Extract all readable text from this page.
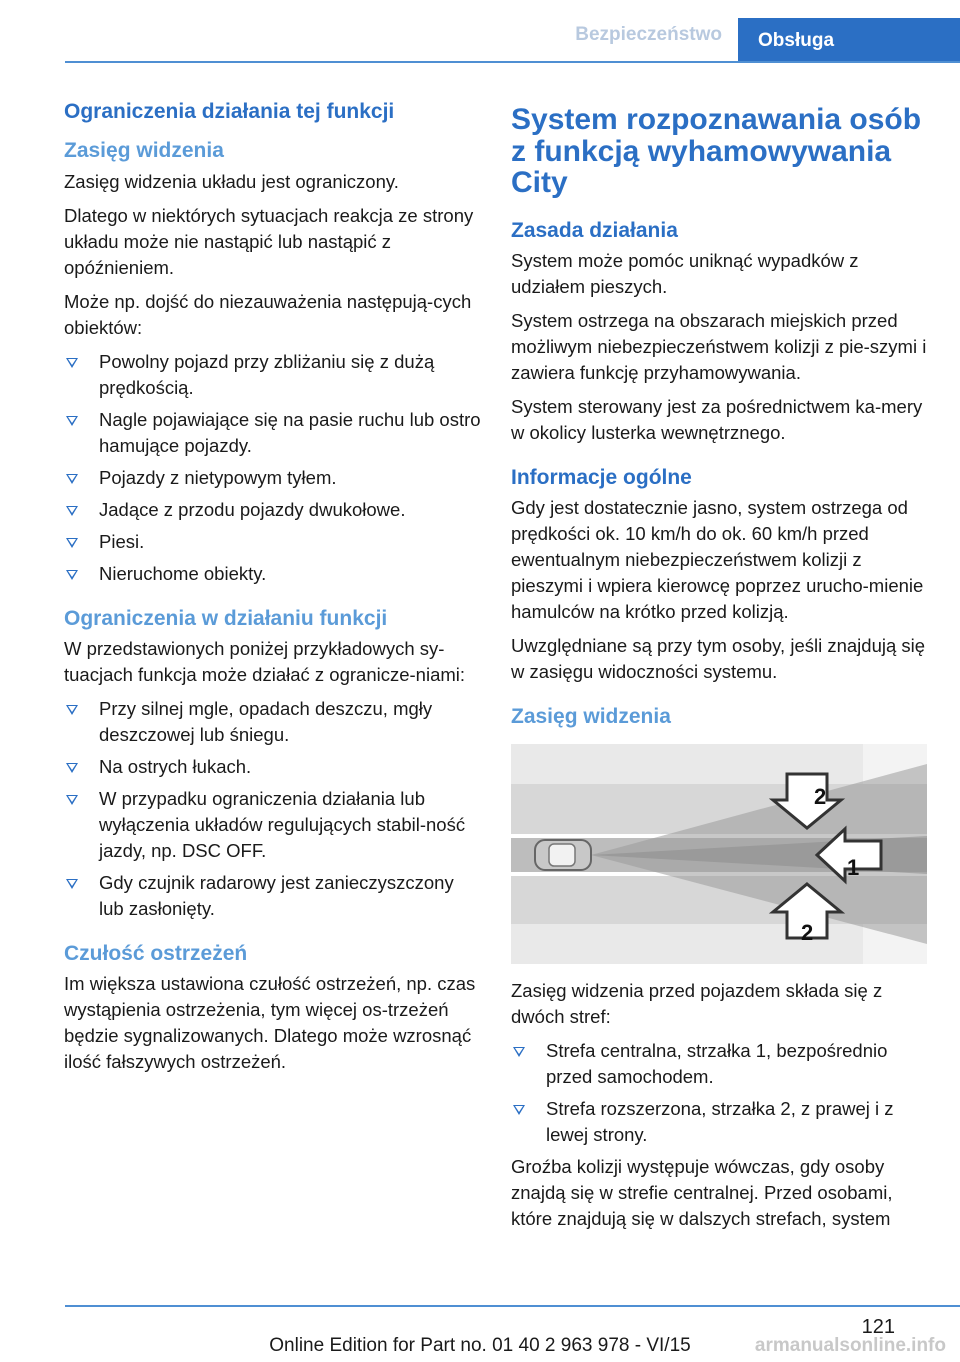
Bezpieczeństwo	Obsługa
Ograniczenia działania tej funkcji
Zasięg widzenia

Zasięg widzenia układu jest ograniczony.

Dlatego w niektórych sytuacjach reakcja ze strony układu może nie nastąpić lub nastąpić z opóźnieniem.

Może np. dojść do niezauważenia następują‐cych obiektów:

Powolny pojazd przy zbliżaniu się z dużą prędkością.
Nagle pojawiające się na pasie ruchu lub ostro hamujące pojazdy.
Pojazdy z nietypowym tyłem.
Jadące z przodu pojazdy dwukołowe.
Piesi.
Nieruchome obiekty.
Ograniczenia w działaniu funkcji

W przedstawionych poniżej przykładowych sy‐tuacjach funkcja może działać z ogranicze‐niami:

Przy silnej mgle, opadach deszczu, mgły deszczowej lub śniegu.
Na ostrych łukach.
W przypadku ograniczenia działania lub wyłączenia układów regulujących stabil‐ność jazdy, np. DSC OFF.
Gdy czujnik radarowy jest zanieczyszczony lub zasłonięty.
Czułość ostrzeżeń

Im większa ustawiona czułość ostrzeżeń, np. czas wystąpienia ostrzeżenia, tym więcej os‐trzeżeń będzie sygnalizowanych. Dlatego może wzrosnąć ilość fałszywych ostrzeżeń.

System rozpoznawania osób z funkcją wyhamowywania City
Zasada działania

System może pomóc uniknąć wypadków z udziałem pieszych.

System ostrzega na obszarach miejskich przed możliwym niebezpieczeństwem kolizji z pie‐szymi i zawiera funkcję przyhamowywania.

System sterowany jest za pośrednictwem ka‐mery w okolicy lusterka wewnętrznego.

Informacje ogólne

Gdy jest dostatecznie jasno, system ostrzega od prędkości ok. 10 km/h do ok. 60 km/h przed ewentualnym niebezpieczeństwem kolizji z pieszymi i wpiera kierowcę poprzez urucho‐mienie hamulców na krótko przed kolizją.

Uwzględniane są przy tym osoby, jeśli znajdują się w zasięgu widoczności systemu.

Zasięg widzenia
2
1
2

Zasięg widzenia przed pojazdem składa się z dwóch stref:

Strefa centralna, strzałka 1, bezpośrednio przed samochodem.
Strefa rozszerzona, strzałka 2, z prawej i z lewej strony.

Groźba kolizji występuje wówczas, gdy osoby znajdą się w strefie centralnej. Przed osobami, które znajdują się w dalszych strefach, system

121
Online Edition for Part no. 01 40 2 963 978 - VI/15	armanualsonline.info
